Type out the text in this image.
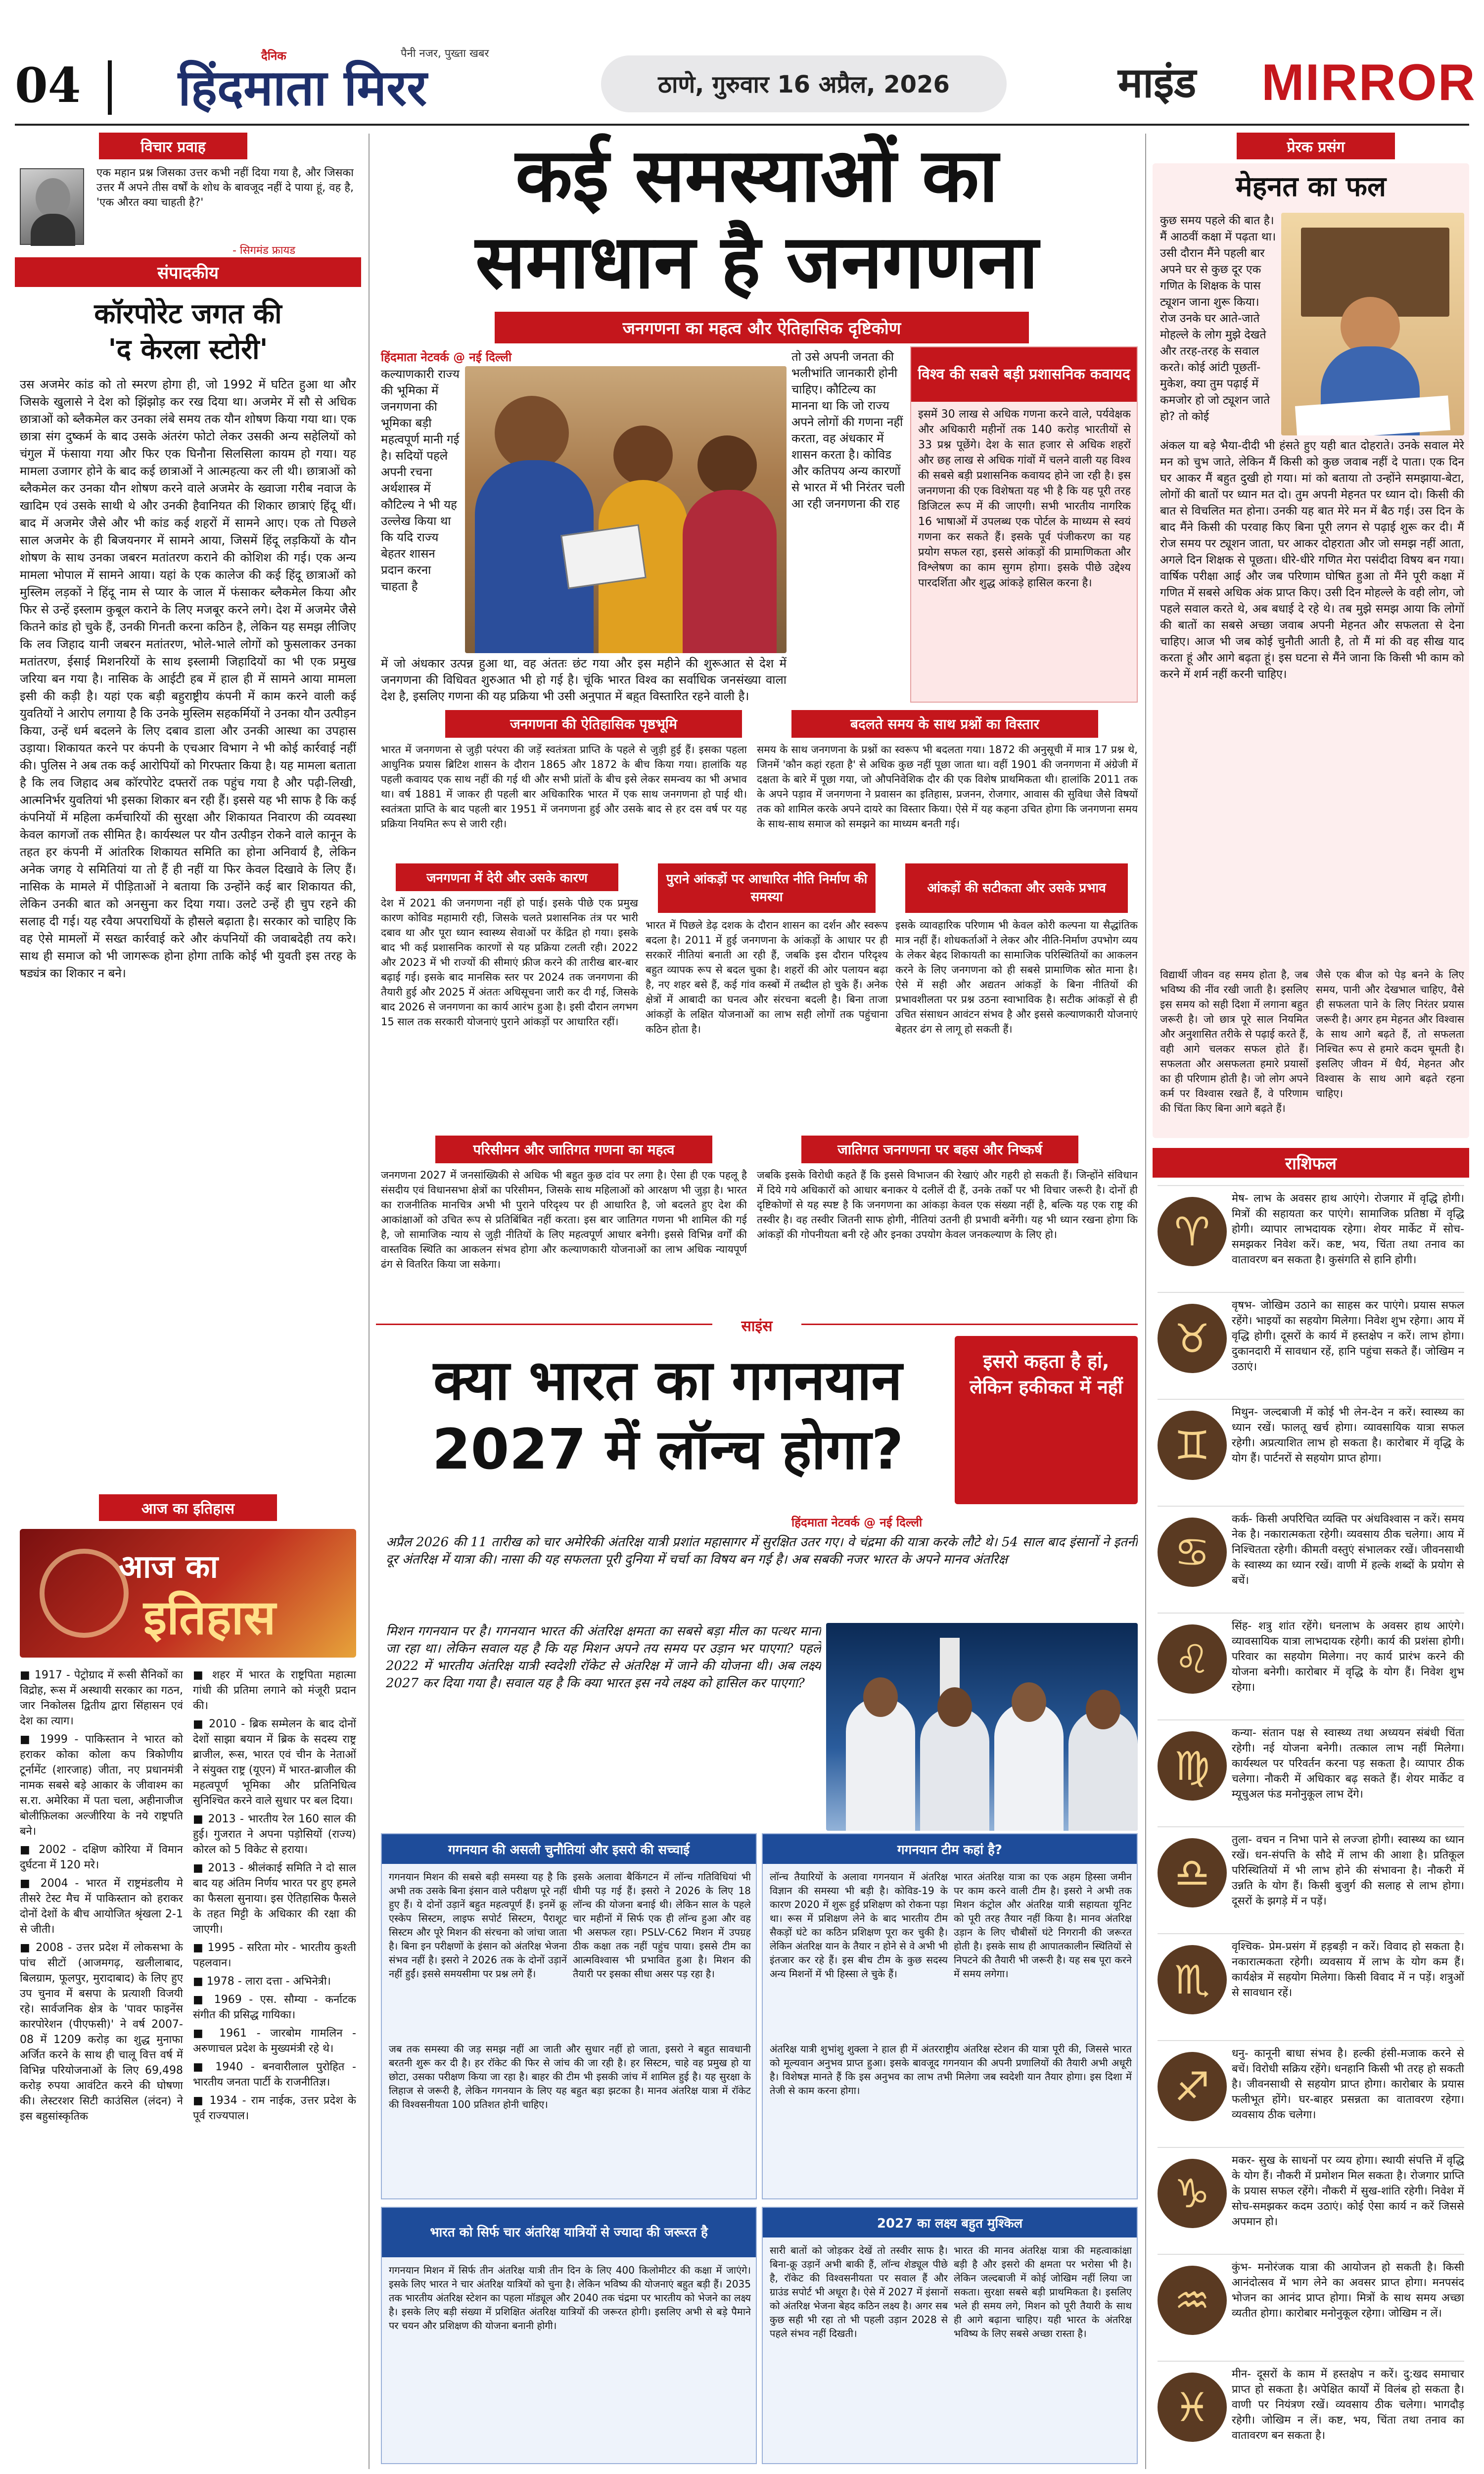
04
दैनिक
हिंदमाता मिरर
पैनी नजर, पुख्ता खबर
ठाणे, गुरुवार 16 अप्रैल, 2026	माइंड MIRROR
विचार प्रवाह
एक महान प्रश्न जिसका उत्तर कभी नहीं दिया गया है, और जिसका उत्तर मैं अपने तीस वर्षों के शोध के बावजूद नहीं दे पाया हूं, वह है, 'एक औरत क्या चाहती है?'
- सिगमंड फ्रायड
संपादकीय
कॉरपोरेट जगत की
'द केरला स्टोरी'
उस अजमेर कांड को तो स्मरण होगा ही, जो 1992 में घटित हुआ था और जिसके खुलासे ने देश को झिंझोड़ कर रख दिया था। अजमेर में सौ से अधिक छात्राओं को ब्लैकमेल कर उनका लंबे समय तक यौन शोषण किया गया था। एक छात्रा संग दुष्कर्म के बाद उसके अंतरंग फोटो लेकर उसकी अन्य सहेलियों को चंगुल में फंसाया गया और फिर एक घिनौना सिलसिला कायम हो गया। यह मामला उजागर होने के बाद कई छात्राओं ने आत्महत्या कर ली थी। छात्राओं को ब्लैकमेल कर उनका यौन शोषण करने वाले अजमेर के ख्वाजा गरीब नवाज के खादिम एवं उसके साथी थे और उनकी हैवानियत की शिकार छात्राएं हिंदू थीं। बाद में अजमेर जैसे और भी कांड कई शहरों में सामने आए। एक तो पिछले साल अजमेर के ही बिजयनगर में सामने आया, जिसमें हिंदू लड़कियों के यौन शोषण के साथ उनका जबरन मतांतरण कराने की कोशिश की गई। एक अन्य मामला भोपाल में सामने आया। यहां के एक कालेज की कई हिंदू छात्राओं को मुस्लिम लड़कों ने हिंदू नाम से प्यार के जाल में फंसाकर ब्लैकमेल किया और फिर से उन्हें इस्लाम कुबूल कराने के लिए मजबूर करने लगे। देश में अजमेर जैसे कितने कांड हो चुके हैं, उनकी गिनती करना कठिन है, लेकिन यह समझ लीजिए कि लव जिहाद यानी जबरन मतांतरण, भोले-भाले लोगों को फुसलाकर उनका मतांतरण, ईसाई मिशनरियों के साथ इस्लामी जिहादियों का भी एक प्रमुख जरिया बन गया है। नासिक के आईटी हब में हाल ही में सामने आया मामला इसी की कड़ी है। यहां एक बड़ी बहुराष्ट्रीय कंपनी में काम करने वाली कई युवतियों ने आरोप लगाया है कि उनके मुस्लिम सहकर्मियों ने उनका यौन उत्पीड़न किया, उन्हें धर्म बदलने के लिए दबाव डाला और उनकी आस्था का उपहास उड़ाया। शिकायत करने पर कंपनी के एचआर विभाग ने भी कोई कार्रवाई नहीं की। पुलिस ने अब तक कई आरोपियों को गिरफ्तार किया है। यह मामला बताता है कि लव जिहाद अब कॉरपोरेट दफ्तरों तक पहुंच गया है और पढ़ी-लिखी, आत्मनिर्भर युवतियां भी इसका शिकार बन रही हैं। इससे यह भी साफ है कि कई कंपनियों में महिला कर्मचारियों की सुरक्षा और शिकायत निवारण की व्यवस्था केवल कागजों तक सीमित है। कार्यस्थल पर यौन उत्पीड़न रोकने वाले कानून के तहत हर कंपनी में आंतरिक शिकायत समिति का होना अनिवार्य है, लेकिन अनेक जगह ये समितियां या तो हैं ही नहीं या फिर केवल दिखावे के लिए हैं। नासिक के मामले में पीड़िताओं ने बताया कि उन्होंने कई बार शिकायत की, लेकिन उनकी बात को अनसुना कर दिया गया। उलटे उन्हें ही चुप रहने की सलाह दी गई। यह रवैया अपराधियों के हौसले बढ़ाता है। सरकार को चाहिए कि वह ऐसे मामलों में सख्त कार्रवाई करे और कंपनियों की जवाबदेही तय करे। साथ ही समाज को भी जागरूक होना होगा ताकि कोई भी युवती इस तरह के षड्यंत्र का शिकार न बने।
आज का इतिहास
आज का
इतिहास
■ 1917 - पेट्रोग्राद में रूसी सैनिकों का विद्रोह, रूस में अस्थायी सरकार का गठन, जार निकोलस द्वितीय द्वारा सिंहासन एवं देश का त्याग।
■ 1999 - पाकिस्तान ने भारत को हराकर कोका कोला कप त्रिकोणीय टूर्नामेंट (शारजाह) जीता, नए प्रधानमंत्री नामक सबसे बड़े आकार के जीवाश्म का स.रा. अमेरिका में पता चला, अहीनाजीज बोलीफ़िलका अल्जीरिया के नये राष्ट्रपति बने।
■ 2002 - दक्षिण कोरिया में विमान दुर्घटना में 120 मरे।
■ 2004 - भारत में राष्ट्रमंडलीय मे तीसरे टेस्ट मैच में पाकिस्तान को हराकर दोनों देशों के बीच आयोजित श्रृंखला 2-1 से जीती।
■ 2008 - उत्तर प्रदेश में लोकसभा के पांच सीटों (आजमगढ़, खलीलाबाद, बिलग्राम, फूलपुर, मुरादाबाद) के लिए हुए उप चुनाव में बसपा के प्रत्याशी विजयी रहे। सार्वजनिक क्षेत्र के 'पावर फाइनेंस कारपोरेशन (पीएफसी)' ने वर्ष 2007-08 में 1209 करोड़ का शुद्ध मुनाफा अर्जित करने के साथ ही चालू वित्त वर्ष में विभिन्न परियोजनाओं के लिए 69,498 करोड़ रुपया आवंटित करने की घोषणा की। लेस्टरशर सिटी काउंसिल (लंदन) ने इस बहुसांस्कृतिक
■ शहर में भारत के राष्ट्रपिता महात्मा गांधी की प्रतिमा लगाने को मंजूरी प्रदान की।
■ 2010 - ब्रिक सम्मेलन के बाद दोनों देशों साझा बयान में ब्रिक के सदस्य राष्ट्र ब्राजील, रूस, भारत एवं चीन के नेताओं ने संयुक्त राष्ट्र (यूएन) में भारत-ब्राजील की महत्वपूर्ण भूमिका और प्रतिनिधित्व सुनिश्चित करने वाले सुधार पर बल दिया।
■ 2013 - भारतीय रेल 160 साल की हुई। गुजरात ने अपना पड़ोसियों (राज्य) कोरल को 5 विकेट से हराया।
■ 2013 - श्रीलंकाई समिति ने दो साल बाद यह अंतिम निर्णय भारत पर हुए हमले का फैसला सुनाया। इस ऐतिहासिक फैसले के तहत मिट्टी के अधिकार की रक्षा की जाएगी।
■ 1995 - सरिता मोर - भारतीय कुश्ती पहलवान।
■ 1978 - लारा दत्ता - अभिनेत्री।
■ 1969 - एस. सौम्या - कर्नाटक संगीत की प्रसिद्ध गायिका।
■ 1961 - जारबोम गामलिन - अरुणाचल प्रदेश के मुख्यमंत्री रहे थे।
■ 1940 - बनवारीलाल पुरोहित - भारतीय जनता पार्टी के राजनीतिज्ञ।
■ 1934 - राम नाईक, उत्तर प्रदेश के पूर्व राज्यपाल।
कई समस्याओं का
समाधान है जनगणना
जनगणना का महत्व और ऐतिहासिक दृष्टिकोण
हिंदमाता नेटवर्क @ नई दिल्ली
कल्याणकारी राज्य की भूमिका में जनगणना की भूमिका बड़ी महत्वपूर्ण मानी गई है। सदियों पहले अपनी रचना अर्थशास्त्र में कौटिल्य ने भी यह उल्लेख किया था कि यदि राज्य बेहतर शासन प्रदान करना चाहता है
में जो अंधकार उत्पन्न हुआ था, वह अंततः छंट गया और इस महीने की शुरूआत से देश में जनगणना की विधिवत शुरुआत भी हो गई है। चूंकि भारत विश्व का सर्वाधिक जनसंख्या वाला देश है, इसलिए गणना की यह प्रक्रिया भी उसी अनुपात में बहुत विस्तारित रहने वाली है।
तो उसे अपनी जनता की भलीभांति जानकारी होनी चाहिए। कौटिल्य का मानना था कि जो राज्य अपने लोगों की गणना नहीं करता, वह अंधकार में शासन करता है। कोविड और कतिपय अन्य कारणों से भारत में भी निरंतर चली आ रही जनगणना की राह
विश्व की सबसे बड़ी प्रशासनिक कवायद
इसमें 30 लाख से अधिक गणना करने वाले, पर्यवेक्षक और अधिकारी महीनों तक 140 करोड़ भारतीयों से 33 प्रश्न पूछेंगे। देश के सात हजार से अधिक शहरों और छह लाख से अधिक गांवों में चलने वाली यह विश्व की सबसे बड़ी प्रशासनिक कवायद होने जा रही है। इस जनगणना की एक विशेषता यह भी है कि यह पूरी तरह डिजिटल रूप में की जाएगी। सभी भारतीय नागरिक 16 भाषाओं में उपलब्ध एक पोर्टल के माध्यम से स्वयं गणना कर सकते हैं। इसके पूर्व पंजीकरण का यह प्रयोग सफल रहा, इससे आंकड़ों की प्रामाणिकता और विश्लेषण का काम सुगम होगा। इसके पीछे उद्देश्य पारदर्शिता और शुद्ध आंकड़े हासिल करना है।
जनगणना की ऐतिहासिक पृष्ठभूमि
भारत में जनगणना से जुड़ी परंपरा की जड़ें स्वतंत्रता प्राप्ति के पहले से जुड़ी हुई हैं। इसका पहला आधुनिक प्रयास ब्रिटिश शासन के दौरान 1865 और 1872 के बीच किया गया। हालांकि यह पहली कवायद एक साथ नहीं की गई थी और सभी प्रांतों के बीच इसे लेकर समन्वय का भी अभाव था। वर्ष 1881 में जाकर ही पहली बार अधिकारिक भारत में एक साथ जनगणना हो पाई थी। स्वतंत्रता प्राप्ति के बाद पहली बार 1951 में जनगणना हुई और उसके बाद से हर दस वर्ष पर यह प्रक्रिया नियमित रूप से जारी रही।
बदलते समय के साथ प्रश्नों का विस्तार
समय के साथ जनगणना के प्रश्नों का स्वरूप भी बदलता गया। 1872 की अनुसूची में मात्र 17 प्रश्न थे, जिनमें 'कौन कहां रहता है' से अधिक कुछ नहीं पूछा जाता था। वहीं 1901 की जनगणना में अंग्रेजी में दक्षता के बारे में पूछा गया, जो औपनिवेशिक दौर की एक विशेष प्राथमिकता थी। हालांकि 2011 तक के अपने पड़ाव में जनगणना ने प्रवासन का इतिहास, प्रजनन, रोजगार, आवास की सुविधा जैसे विषयों तक को शामिल करके अपने दायरे का विस्तार किया। ऐसे में यह कहना उचित होगा कि जनगणना समय के साथ-साथ समाज को समझने का माध्यम बनती गई।
जनगणना में देरी और उसके कारण
देश में 2021 की जनगणना नहीं हो पाई। इसके पीछे एक प्रमुख कारण कोविड महामारी रही, जिसके चलते प्रशासनिक तंत्र पर भारी दबाव था और पूरा ध्यान स्वास्थ्य सेवाओं पर केंद्रित हो गया। इसके बाद भी कई प्रशासनिक कारणों से यह प्रक्रिया टलती रही। 2022 और 2023 में भी राज्यों की सीमाएं फ्रीज करने की तारीख बार-बार बढ़ाई गई। इसके बाद मानसिक स्तर पर 2024 तक जनगणना की तैयारी हुई और 2025 में अंततः अधिसूचना जारी कर दी गई, जिसके बाद 2026 से जनगणना का कार्य आरंभ हुआ है। इसी दौरान लगभग 15 साल तक सरकारी योजनाएं पुराने आंकड़ों पर आधारित रहीं।
पुराने आंकड़ों पर आधारित नीति निर्माण की समस्या
भारत में पिछले डेढ़ दशक के दौरान शासन का दर्शन और स्वरूप बदला है। 2011 में हुई जनगणना के आंकड़ों के आधार पर ही सरकारें नीतियां बनाती आ रही हैं, जबकि इस दौरान परिदृश्य बहुत व्यापक रूप से बदल चुका है। शहरों की ओर पलायन बढ़ा है, नए शहर बसे हैं, कई गांव कस्बों में तब्दील हो चुके हैं। अनेक क्षेत्रों में आबादी का घनत्व और संरचना बदली है। बिना ताजा आंकड़ों के लक्षित योजनाओं का लाभ सही लोगों तक पहुंचाना कठिन होता है।
आंकड़ों की सटीकता और उसके प्रभाव
इसके व्यावहारिक परिणाम भी केवल कोरी कल्पना या सैद्धांतिक मात्र नहीं हैं। शोधकर्ताओं ने लेकर और नीति-निर्माण उपभोग व्यय के लेकर बेहद शिकायती का सामाजिक परिस्थितियों का आकलन करने के लिए जनगणना को ही सबसे प्रामाणिक स्रोत माना है। ऐसे में सही और अद्यतन आंकड़ों के बिना नीतियों की प्रभावशीलता पर प्रश्न उठना स्वाभाविक है। सटीक आंकड़ों से ही उचित संसाधन आवंटन संभव है और इससे कल्याणकारी योजनाएं बेहतर ढंग से लागू हो सकती हैं।
परिसीमन और जातिगत गणना का महत्व
जनगणना 2027 में जनसांख्यिकी से अधिक भी बहुत कुछ दांव पर लगा है। ऐसा ही एक पहलू है संसदीय एवं विधानसभा क्षेत्रों का परिसीमन, जिसके साथ महिलाओं को आरक्षण भी जुड़ा है। भारत का राजनीतिक मानचित्र अभी भी पुराने परिदृश्य पर ही आधारित है, जो बदलते हुए देश की आकांक्षाओं को उचित रूप से प्रतिबिंबित नहीं करता। इस बार जातिगत गणना भी शामिल की गई है, जो सामाजिक न्याय से जुड़ी नीतियों के लिए महत्वपूर्ण आधार बनेगी। इससे विभिन्न वर्गों की वास्तविक स्थिति का आकलन संभव होगा और कल्याणकारी योजनाओं का लाभ अधिक न्यायपूर्ण ढंग से वितरित किया जा सकेगा।
जातिगत जनगणना पर बहस और निष्कर्ष
जबकि इसके विरोधी कहते हैं कि इससे विभाजन की रेखाएं और गहरी हो सकती हैं। जिन्होंने संविधान में दिये गये अधिकारों को आधार बनाकर ये दलीलें दी हैं, उनके तर्कों पर भी विचार जरूरी है। दोनों ही दृष्टिकोणों से यह स्पष्ट है कि जनगणना का आंकड़ा केवल एक संख्या नहीं है, बल्कि यह एक राष्ट्र की तस्वीर है। वह तस्वीर जितनी साफ होगी, नीतियां उतनी ही प्रभावी बनेंगी। यह भी ध्यान रखना होगा कि आंकड़ों की गोपनीयता बनी रहे और इनका उपयोग केवल जनकल्याण के लिए हो।
साइंस
क्या भारत का गगनयान
2027 में लॉन्च होगा?
इसरो कहता है हां, लेकिन हकीकत में नहीं
हिंदमाता नेटवर्क @ नई दिल्ली
अप्रैल 2026 की 11 तारीख को चार अमेरिकी अंतरिक्ष यात्री प्रशांत महासागर में सुरक्षित उतर गए। वे चंद्रमा की यात्रा करके लौटे थे। 54 साल बाद इंसानों ने इतनी दूर अंतरिक्ष में यात्रा की। नासा की यह सफलता पूरी दुनिया में चर्चा का विषय बन गई है। अब सबकी नजर भारत के अपने मानव अंतरिक्ष
मिशन गगनयान पर है। गगनयान भारत की अंतरिक्ष क्षमता का सबसे बड़ा मील का पत्थर माना जा रहा था। लेकिन सवाल यह है कि यह मिशन अपने तय समय पर उड़ान भर पाएगा? पहले 2022 में भारतीय अंतरिक्ष यात्री स्वदेशी रॉकेट से अंतरिक्ष में जाने की योजना थी। अब लक्ष्य 2027 कर दिया गया है। सवाल यह है कि क्या भारत इस नये लक्ष्य को हासिल कर पाएगा?
गगनयान की असली चुनौतियां और इसरो की सच्चाई
गगनयान मिशन की सबसे बड़ी समस्या यह है कि अभी तक उसके बिना इंसान वाले परीक्षण पूरे नहीं हुए हैं। ये दोनों उड़ानें बहुत महत्वपूर्ण हैं। इनमें क्रू एस्केप सिस्टम, लाइफ सपोर्ट सिस्टम, पैराशूट सिस्टम और पूरे मिशन की संरचना को जांचा जाता है। बिना इन परीक्षणों के इंसान को अंतरिक्ष भेजना संभव नहीं है। इसरो ने 2026 तक के दोनों उड़ानें नहीं हुईं। इससे समयसीमा पर प्रश्न लगे हैं।
इसके अलावा बैकिंगटन में लॉन्च गतिविधियां भी धीमी पड़ गई हैं। इसरो ने 2026 के लिए 18 लॉन्च की योजना बनाई थी। लेकिन साल के पहले चार महीनों में सिर्फ एक ही लॉन्च हुआ और वह भी असफल रहा। PSLV-C62 मिशन में उपग्रह ठीक कक्षा तक नहीं पहुंच पाया। इससे टीम का आत्मविश्वास भी प्रभावित हुआ है। मिशन की तैयारी पर इसका सीधा असर पड़ रहा है।
जब तक समस्या की जड़ समझ नहीं आ जाती और सुधार नहीं हो जाता, इसरो ने बहुत सावधानी बरतनी शुरू कर दी है। हर रॉकेट की फिर से जांच की जा रही है। हर सिस्टम, चाहे वह प्रमुख हो या छोटा, उसका परीक्षण किया जा रहा है। बाहर की टीम भी इसकी जांच में शामिल हुई है। यह सुरक्षा के लिहाज से जरूरी है, लेकिन गगनयान के लिए यह बहुत बड़ा झटका है। मानव अंतरिक्ष यात्रा में रॉकेट की विश्वसनीयता 100 प्रतिशत होनी चाहिए।
गगनयान टीम कहां है?
लॉन्च तैयारियों के अलावा गगनयान में अंतरिक्ष विज्ञान की समस्या भी बड़ी है। कोविड-19 के कारण 2020 में शुरू हुई प्रशिक्षण को रोकना पड़ा था। रूस में प्रशिक्षण लेने के बाद भारतीय टीम सैकड़ों घंटे का कठिन प्रशिक्षण पूरा कर चुकी है। लेकिन अंतरिक्ष यान के तैयार न होने से वे अभी भी इंतजार कर रहे हैं। इस बीच टीम के कुछ सदस्य अन्य मिशनों में भी हिस्सा ले चुके हैं।
भारत अंतरिक्ष यात्रा का एक अहम हिस्सा जमीन पर काम करने वाली टीम है। इसरो ने अभी तक मिशन कंट्रोल और अंतरिक्ष यात्री सहायता यूनिट को पूरी तरह तैयार नहीं किया है। मानव अंतरिक्ष उड़ान के लिए चौबीसों घंटे निगरानी की जरूरत होती है। इसके साथ ही आपातकालीन स्थितियों से निपटने की तैयारी भी जरूरी है। यह सब पूरा करने में समय लगेगा।
अंतरिक्ष यात्री शुभांशु शुक्ला ने हाल ही में अंतरराष्ट्रीय अंतरिक्ष स्टेशन की यात्रा पूरी की, जिससे भारत को मूल्यवान अनुभव प्राप्त हुआ। इसके बावजूद गगनयान की अपनी प्रणालियों की तैयारी अभी अधूरी है। विशेषज्ञ मानते हैं कि इस अनुभव का लाभ तभी मिलेगा जब स्वदेशी यान तैयार होगा। इस दिशा में तेजी से काम करना होगा।
भारत को सिर्फ चार अंतरिक्ष यात्रियों से ज्यादा की जरूरत है
गगनयान मिशन में सिर्फ तीन अंतरिक्ष यात्री तीन दिन के लिए 400 किलोमीटर की कक्षा में जाएंगे। इसके लिए भारत ने चार अंतरिक्ष यात्रियों को चुना है। लेकिन भविष्य की योजनाएं बहुत बड़ी हैं। 2035 तक भारतीय अंतरिक्ष स्टेशन का पहला मॉड्यूल और 2040 तक चंद्रमा पर भारतीय को भेजने का लक्ष्य है। इसके लिए बड़ी संख्या में प्रशिक्षित अंतरिक्ष यात्रियों की जरूरत होगी। इसलिए अभी से बड़े पैमाने पर चयन और प्रशिक्षण की योजना बनानी होगी।
2027 का लक्ष्य बहुत मुश्किल
सारी बातों को जोड़कर देखें तो तस्वीर साफ है। बिना-क्रू उड़ानें अभी बाकी हैं, लॉन्च शेड्यूल पीछे है, रॉकेट की विश्वसनीयता पर सवाल हैं और ग्राउंड सपोर्ट भी अधूरा है। ऐसे में 2027 में इंसानों को अंतरिक्ष भेजना बेहद कठिन लक्ष्य है। अगर सब कुछ सही भी रहा तो भी पहली उड़ान 2028 से पहले संभव नहीं दिखती।
भारत की मानव अंतरिक्ष यात्रा की महत्वाकांक्षा बड़ी है और इसरो की क्षमता पर भरोसा भी है। लेकिन जल्दबाजी में कोई जोखिम नहीं लिया जा सकता। सुरक्षा सबसे बड़ी प्राथमिकता है। इसलिए भले ही समय लगे, मिशन को पूरी तैयारी के साथ ही आगे बढ़ाना चाहिए। यही भारत के अंतरिक्ष भविष्य के लिए सबसे अच्छा रास्ता है।
प्रेरक प्रसंग
मेहनत का फल
कुछ समय पहले की बात है। मैं आठवीं कक्षा में पढ़ता था। उसी दौरान मैंने पहली बार अपने घर से कुछ दूर एक गणित के शिक्षक के पास ट्यूशन जाना शुरू किया। रोज उनके घर आते-जाते मोहल्ले के लोग मुझे देखते और तरह-तरह के सवाल करते। कोई आंटी पूछतीं-मुकेश, क्या तुम पढ़ाई में कमजोर हो जो ट्यूशन जाते हो? तो कोई
अंकल या बड़े भैया-दीदी भी हंसते हुए यही बात दोहराते। उनके सवाल मेरे मन को चुभ जाते, लेकिन मैं किसी को कुछ जवाब नहीं दे पाता। एक दिन घर आकर मैं बहुत दुखी हो गया। मां को बताया तो उन्होंने समझाया-बेटा, लोगों की बातों पर ध्यान मत दो। तुम अपनी मेहनत पर ध्यान दो। किसी की बात से विचलित मत होना। उनकी यह बात मेरे मन में बैठ गई। उस दिन के बाद मैंने किसी की परवाह किए बिना पूरी लगन से पढ़ाई शुरू कर दी। मैं रोज समय पर ट्यूशन जाता, घर आकर दोहराता और जो समझ नहीं आता, अगले दिन शिक्षक से पूछता। धीरे-धीरे गणित मेरा पसंदीदा विषय बन गया। वार्षिक परीक्षा आई और जब परिणाम घोषित हुआ तो मैंने पूरी कक्षा में गणित में सबसे अधिक अंक प्राप्त किए। उसी दिन मोहल्ले के वही लोग, जो पहले सवाल करते थे, अब बधाई दे रहे थे। तब मुझे समझ आया कि लोगों की बातों का सबसे अच्छा जवाब अपनी मेहनत और सफलता से देना चाहिए। आज भी जब कोई चुनौती आती है, तो मैं मां की वह सीख याद करता हूं और आगे बढ़ता हूं। इस घटना से मैंने जाना कि किसी भी काम को करने में शर्म नहीं करनी चाहिए।
विद्यार्थी जीवन वह समय होता है, जब भविष्य की नींव रखी जाती है। इसलिए इस समय को सही दिशा में लगाना बहुत जरूरी है। जो छात्र पूरे साल नियमित और अनुशासित तरीके से पढ़ाई करते हैं, वही आगे चलकर सफल होते हैं। सफलता और असफलता हमारे प्रयासों का ही परिणाम होती है। जो लोग अपने कर्म पर विश्वास रखते हैं, वे परिणाम की चिंता किए बिना आगे बढ़ते हैं।
जैसे एक बीज को पेड़ बनने के लिए समय, पानी और देखभाल चाहिए, वैसे ही सफलता पाने के लिए निरंतर प्रयास जरूरी है। अगर हम मेहनत और विश्वास के साथ आगे बढ़ते हैं, तो सफलता निश्चित रूप से हमारे कदम चूमती है। इसलिए जीवन में धैर्य, मेहनत और विश्वास के साथ आगे बढ़ते रहना चाहिए।
राशिफल
♈
मेष- लाभ के अवसर हाथ आएंगे। रोजगार में वृद्धि होगी। मित्रों की सहायता कर पाएंगे। सामाजिक प्रतिष्ठा में वृद्धि होगी। व्यापार लाभदायक रहेगा। शेयर मार्केट में सोच-समझकर निवेश करें। कष्ट, भय, चिंता तथा तनाव का वातावरण बन सकता है। कुसंगति से हानि होगी।
♉
वृषभ- जोखिम उठाने का साहस कर पाएंगे। प्रयास सफल रहेंगे। भाइयों का सहयोग मिलेगा। निवेश शुभ रहेगा। आय में वृद्धि होगी। दूसरों के कार्य में हस्तक्षेप न करें। लाभ होगा। दुकानदारी में सावधान रहें, हानि पहुंचा सकते हैं। जोखिम न उठाएं।
♊
मिथुन- जल्दबाजी में कोई भी लेन-देन न करें। स्वास्थ्य का ध्यान रखें। फालतू खर्च होगा। व्यावसायिक यात्रा सफल रहेगी। अप्रत्याशित लाभ हो सकता है। कारोबार में वृद्धि के योग हैं। पार्टनरों से सहयोग प्राप्त होगा।
♋
कर्क- किसी अपरिचित व्यक्ति पर अंधविश्वास न करें। समय नेक है। नकारात्मकता रहेगी। व्यवसाय ठीक चलेगा। आय में निश्चितता रहेगी। कीमती वस्तुएं संभालकर रखें। जीवनसाथी के स्वास्थ्य का ध्यान रखें। वाणी में हल्के शब्दों के प्रयोग से बचें।
♌
सिंह- शत्रु शांत रहेंगे। धनलाभ के अवसर हाथ आएंगे। व्यावसायिक यात्रा लाभदायक रहेगी। कार्य की प्रशंसा होगी। परिवार का सहयोग मिलेगा। नए कार्य प्रारंभ करने की योजना बनेगी। कारोबार में वृद्धि के योग हैं। निवेश शुभ रहेगा।
♍
कन्या- संतान पक्ष से स्वास्थ्य तथा अध्ययन संबंधी चिंता रहेगी। नई योजना बनेगी। तत्काल लाभ नहीं मिलेगा। कार्यस्थल पर परिवर्तन करना पड़ सकता है। व्यापार ठीक चलेगा। नौकरी में अधिकार बढ़ सकते हैं। शेयर मार्केट व म्यूचुअल फंड मनोनुकूल लाभ देंगे।
♎
तुला- वचन न निभा पाने से लज्जा होगी। स्वास्थ्य का ध्यान रखें। धन-संपत्ति के सौदे में लाभ की आशा है। प्रतिकूल परिस्थितियों में भी लाभ होने की संभावना है। नौकरी में उन्नति के योग हैं। किसी बुजुर्ग की सलाह से लाभ होगा। दूसरों के झगड़े में न पड़ें।
♏
वृश्चिक- प्रेम-प्रसंग में हड़बड़ी न करें। विवाद हो सकता है। नकारात्मकता रहेगी। व्यवसाय में लाभ के योग कम हैं। कार्यक्षेत्र में सहयोग मिलेगा। किसी विवाद में न पड़ें। शत्रुओं से सावधान रहें।
♐
धनु- कानूनी बाधा संभव है। हल्की हंसी-मजाक करने से बचें। विरोधी सक्रिय रहेंगे। धनहानि किसी भी तरह हो सकती है। जीवनसाथी से सहयोग प्राप्त होगा। कारोबार के प्रयास फलीभूत होंगे। घर-बाहर प्रसन्नता का वातावरण रहेगा। व्यवसाय ठीक चलेगा।
♑
मकर- सुख के साधनों पर व्यय होगा। स्थायी संपत्ति में वृद्धि के योग हैं। नौकरी में प्रमोशन मिल सकता है। रोजगार प्राप्ति के प्रयास सफल रहेंगे। नौकरी में सुख-शांति रहेगी। निवेश में सोच-समझकर कदम उठाएं। कोई ऐसा कार्य न करें जिससे अपमान हो।
♒
कुंभ- मनोरंजक यात्रा की आयोजन हो सकती है। किसी आनंदोत्सव में भाग लेने का अवसर प्राप्त होगा। मनपसंद भोजन का आनंद प्राप्त होगा। मित्रों के साथ समय अच्छा व्यतीत होगा। कारोबार मनोनुकूल रहेगा। जोखिम न लें।
♓
मीन- दूसरों के काम में हस्तक्षेप न करें। दु:खद समाचार प्राप्त हो सकता है। अपेक्षित कार्यों में विलंब हो सकता है। वाणी पर नियंत्रण रखें। व्यवसाय ठीक चलेगा। भागदौड़ रहेगी। जोखिम न लें। कष्ट, भय, चिंता तथा तनाव का वातावरण बन सकता है।
